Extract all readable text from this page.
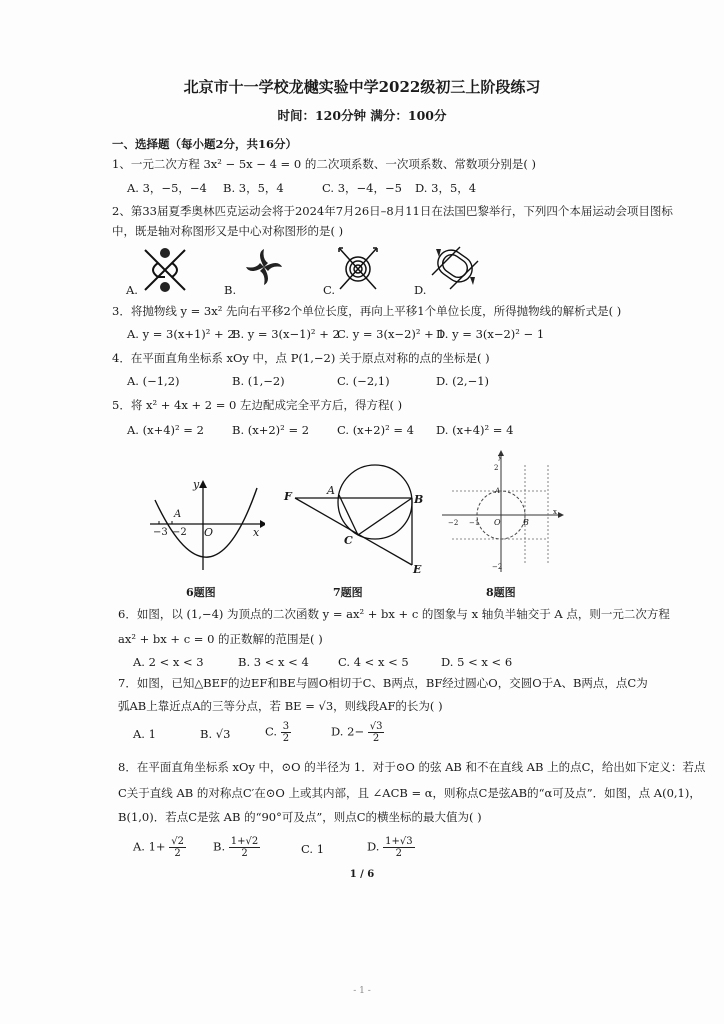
北京市十一学校龙樾实验中学2022级初三上阶段练习
时间：120分钟 满分：100分
一、选择题（每小题2分，共16分）
1、一元二次方程 3x² − 5x − 4 = 0 的二次项系数、一次项系数、常数项分别是( )
A. 3，−5，−4 B. 3，5，4	C. 3，−4，−5 D. 3，5，4
2、第33届夏季奥林匹克运动会将于2024年7月26日–8月11日在法国巴黎举行，下列四个本届运动会项目图标
中，既是轴对称图形又是中心对称图形的是( )
A.	B.	C.	D.
3．将抛物线 y = 3x² 先向右平移2个单位长度，再向上平移1个单位长度，所得抛物线的解析式是( )
A. y = 3(x+1)² + 2
B. y = 3(x−1)² + 2
C. y = 3(x−2)² + 1
D. y = 3(x−2)² − 1
4．在平面直角坐标系 xOy 中，点 P(1,−2) 关于原点对称的点的坐标是( )
A. (−1,2)	B. (1,−2)	C. (−2,1)	D. (2,−1)
5．将 x² + 4x + 2 = 0 左边配成完全平方后，得方程( )
A. (x+4)² = 2 B. (x+2)² = 2 C. (x+2)² = 4 D. (x+4)² = 4
y
x
O
A
−3 −2
6题图
F	A
B
C
E
7题图
y
x
O	B
A
2
−2
−2 −1
8题图
6．如图，以 (1,−4) 为顶点的二次函数 y = ax² + bx + c 的图象与 x 轴负半轴交于 A 点，则一元二次方程
ax² + bx + c = 0 的正数解的范围是( )
A. 2 < x < 3	B. 3 < x < 4	C. 4 < x < 5	D. 5 < x < 6
7．如图，已知△BEF的边EF和BE与圆O相切于C、B两点，BF经过圆心O，交圆O于A、B两点，点C为
弧AB上靠近点A的三等分点，若 BE = √3，则线段AF的长为( )
A. 1	B. √3	C. $\frac{3}{2}$	D. $2- \frac{√3}{2}$
8．在平面直角坐标系 xOy 中，⊙O 的半径为 1．对于⊙O 的弦 AB 和不在直线 AB 上的点C，给出如下定义：若点
C关于直线 AB 的对称点C′在⊙O 上或其内部，且 ∠ACB = α，则称点C是弦AB的“α可及点”．如图，点 A(0,1)，
B(1,0)．若点C是弦 AB 的“90°可及点”，则点C的横坐标的最大值为( )
A. $1+ \frac{√2}{2} B$. $\frac{1+√2}{2}$	C. 1	D. $\frac{1+√3}{2}$
1 / 6
- 1 -
